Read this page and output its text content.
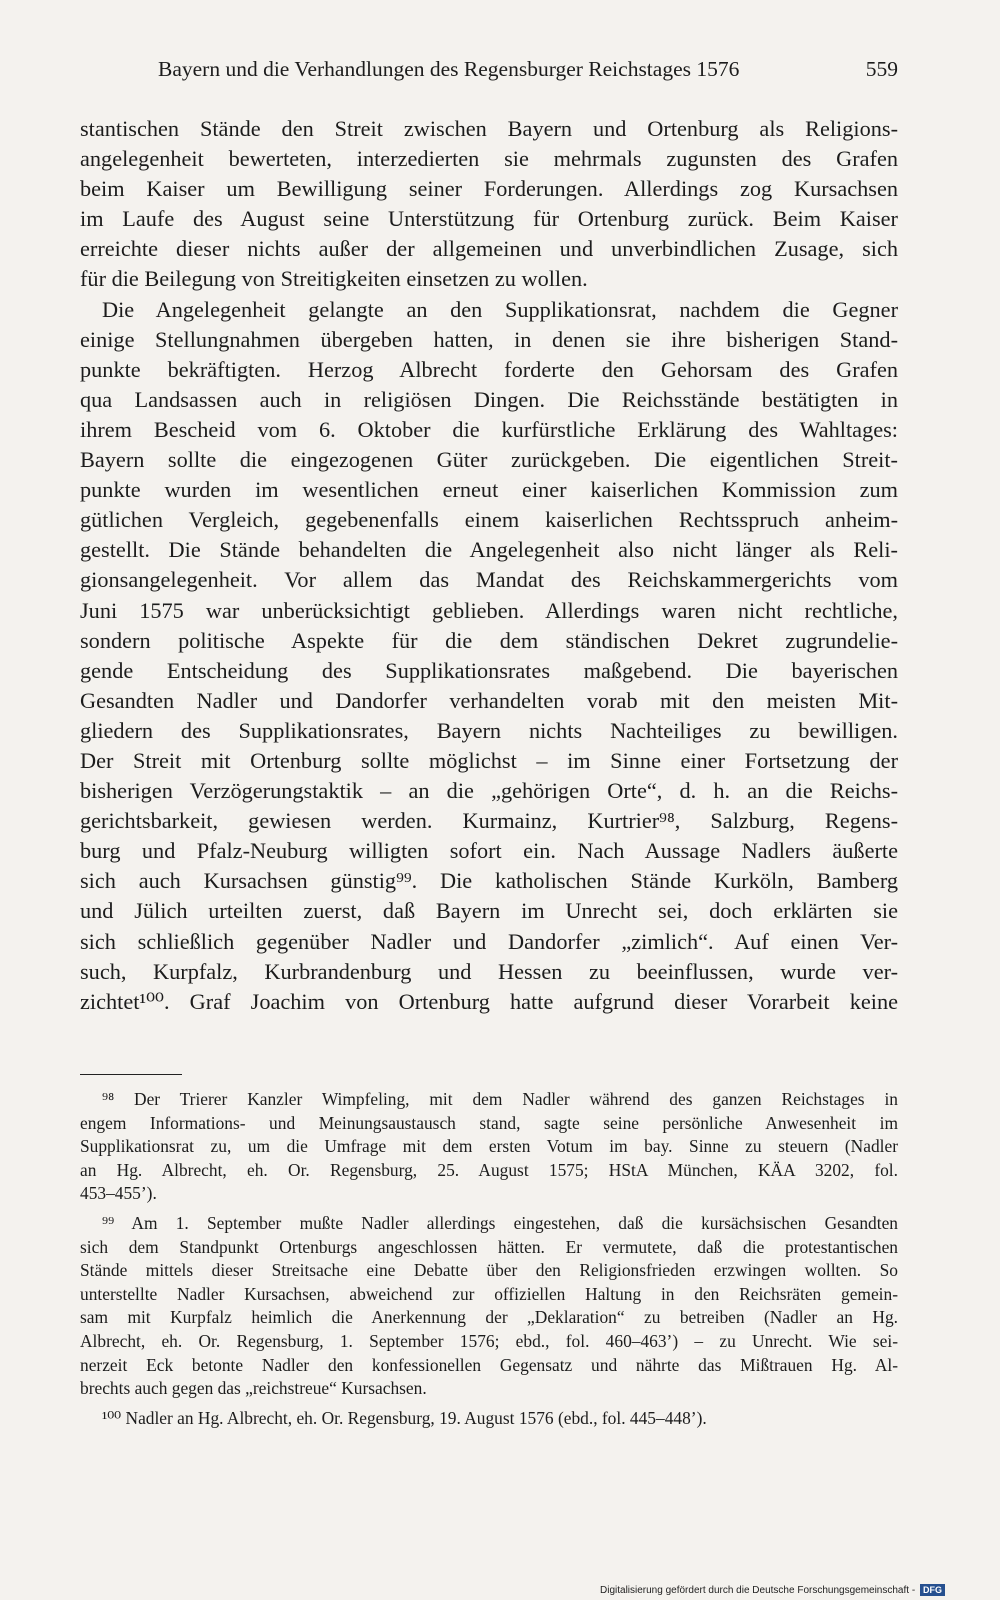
Bayern und die Verhandlungen des Regensburger Reichstages 1576	559
stantischen Stände den Streit zwischen Bayern und Ortenburg als Religions-
angelegenheit bewerteten, interzedierten sie mehrmals zugunsten des Grafen
beim Kaiser um Bewilligung seiner Forderungen. Allerdings zog Kursachsen
im Laufe des August seine Unterstützung für Ortenburg zurück. Beim Kaiser
erreichte dieser nichts außer der allgemeinen und unverbindlichen Zusage, sich
für die Beilegung von Streitigkeiten einsetzen zu wollen.
Die Angelegenheit gelangte an den Supplikationsrat, nachdem die Gegner
einige Stellungnahmen übergeben hatten, in denen sie ihre bisherigen Stand-
punkte bekräftigten. Herzog Albrecht forderte den Gehorsam des Grafen
qua Landsassen auch in religiösen Dingen. Die Reichsstände bestätigten in
ihrem Bescheid vom 6. Oktober die kurfürstliche Erklärung des Wahltages:
Bayern sollte die eingezogenen Güter zurückgeben. Die eigentlichen Streit-
punkte wurden im wesentlichen erneut einer kaiserlichen Kommission zum
gütlichen Vergleich, gegebenenfalls einem kaiserlichen Rechtsspruch anheim-
gestellt. Die Stände behandelten die Angelegenheit also nicht länger als Reli-
gionsangelegenheit. Vor allem das Mandat des Reichskammergerichts vom
Juni 1575 war unberücksichtigt geblieben. Allerdings waren nicht rechtliche,
sondern politische Aspekte für die dem ständischen Dekret zugrundelie-
gende Entscheidung des Supplikationsrates maßgebend. Die bayerischen
Gesandten Nadler und Dandorfer verhandelten vorab mit den meisten Mit-
gliedern des Supplikationsrates, Bayern nichts Nachteiliges zu bewilligen.
Der Streit mit Ortenburg sollte möglichst – im Sinne einer Fortsetzung der
bisherigen Verzögerungstaktik – an die „gehörigen Orte“, d. h. an die Reichs-
gerichtsbarkeit, gewiesen werden. Kurmainz, Kurtrier⁹⁸, Salzburg, Regens-
burg und Pfalz-Neuburg willigten sofort ein. Nach Aussage Nadlers äußerte
sich auch Kursachsen günstig⁹⁹. Die katholischen Stände Kurköln, Bamberg
und Jülich urteilten zuerst, daß Bayern im Unrecht sei, doch erklärten sie
sich schließlich gegenüber Nadler und Dandorfer „zimlich“. Auf einen Ver-
such, Kurpfalz, Kurbrandenburg und Hessen zu beeinflussen, wurde ver-
zichtet¹⁰⁰. Graf Joachim von Ortenburg hatte aufgrund dieser Vorarbeit keine
⁹⁸ Der Trierer Kanzler Wimpfeling, mit dem Nadler während des ganzen Reichstages in
engem Informations- und Meinungsaustausch stand, sagte seine persönliche Anwesenheit im
Supplikationsrat zu, um die Umfrage mit dem ersten Votum im bay. Sinne zu steuern (Nadler
an Hg. Albrecht, eh. Or. Regensburg, 25. August 1575; HStA München, KÄA 3202, fol.
453–455’).
⁹⁹ Am 1. September mußte Nadler allerdings eingestehen, daß die kursächsischen Gesandten
sich dem Standpunkt Ortenburgs angeschlossen hätten. Er vermutete, daß die protestantischen
Stände mittels dieser Streitsache eine Debatte über den Religionsfrieden erzwingen wollten. So
unterstellte Nadler Kursachsen, abweichend zur offiziellen Haltung in den Reichsräten gemein-
sam mit Kurpfalz heimlich die Anerkennung der „Deklaration“ zu betreiben (Nadler an Hg.
Albrecht, eh. Or. Regensburg, 1. September 1576; ebd., fol. 460–463’) – zu Unrecht. Wie sei-
nerzeit Eck betonte Nadler den konfessionellen Gegensatz und nährte das Mißtrauen Hg. Al-
brechts auch gegen das „reichstreue“ Kursachsen.
¹⁰⁰ Nadler an Hg. Albrecht, eh. Or. Regensburg, 19. August 1576 (ebd., fol. 445–448’).
Digitalisierung gefördert durch die Deutsche Forschungsgemeinschaft - DFG
